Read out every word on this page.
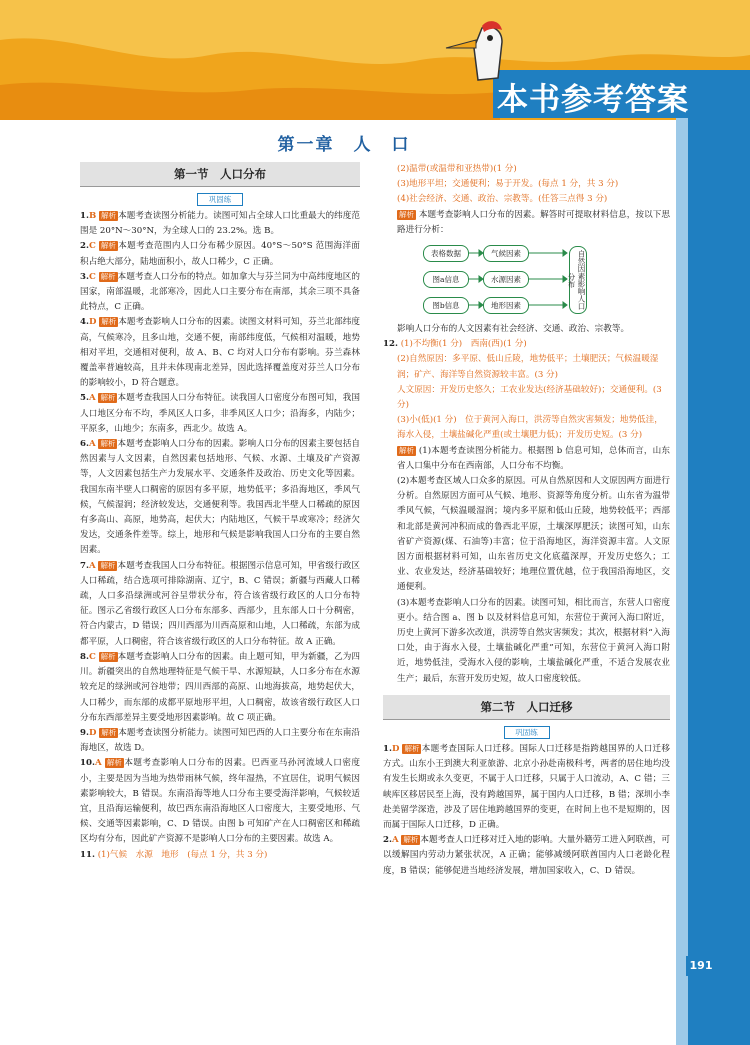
本书参考答案
第一章　人　口
第一节　人口分布
巩固练

1.B 解析 本题考查读图分析能力。读图可知占全球人口比重最大的纬度范围是 20°N～30°N，为全球人口的 23.2%。选 B。

2.C 解析 本题考查范围内人口分布稀少原因。40°S～50°S 范围海洋面积占绝大部分，陆地面积小，故人口稀少，C 正确。

3.C 解析 本题考查人口分布的特点。如加拿大与芬兰同为中高纬度地区的国家，南部温暖，北部寒冷，因此人口主要分布在南部，其余三项不具备此特点，C 正确。

4.D 解析 本题考查影响人口分布的因素。读图文材料可知，芬兰北部纬度高，气候寒冷，且多山地，交通不便，南部纬度低，气候相对温暖，地势相对平坦，交通相对便利，故 A、B、C 均对人口分布有影响。芬兰森林覆盖率普遍较高，且并未体现南北差异，因此选择覆盖度对芬兰人口分布的影响较小，D 符合题意。

5.A 解析 本题考查我国人口分布特征。读我国人口密度分布图可知，我国人口地区分布不均，季风区人口多，非季风区人口少；沿海多，内陆少；平原多，山地少；东南多，西北少。故选 A。

6.A 解析 本题考查影响人口分布的因素。影响人口分布的因素主要包括自然因素与人文因素，自然因素包括地形、气候、水源、土壤及矿产资源等，人文因素包括生产力发展水平、交通条件及政治、历史文化等因素。我国东南半壁人口稠密的原因有多平原，地势低平；多沿海地区，季风气候，气候湿润；经济较发达，交通便利等。我国西北半壁人口稀疏的原因有多高山、高原，地势高，起伏大；内陆地区，气候干旱或寒冷；经济欠发达，交通条件差等。综上，地形和气候是影响我国人口分布的主要自然因素。

7.A 解析 本题考查我国人口分布特征。根据图示信息可知，甲省级行政区人口稀疏，结合选项可排除湖南、辽宁，B、C 错误；新疆与西藏人口稀疏，人口多沿绿洲或河谷呈带状分布，符合该省级行政区的人口分布特征。图示乙省级行政区人口分布东部多、西部少，且东部人口十分稠密，符合内蒙古，D 错误；四川西部为川西高原和山地，人口稀疏，东部为成都平原，人口稠密，符合该省级行政区的人口分布特征。故 A 正确。

8.C 解析 本题考查影响人口分布的因素。由上题可知，甲为新疆，乙为四川。新疆突出的自然地理特征是气候干旱、水源短缺，人口多分布在水源较充足的绿洲或河谷地带；四川西部的高原、山地海拔高，地势起伏大，人口稀少，而东部的成都平原地形平坦，人口稠密，故该省级行政区人口分布东西部差异主要受地形因素影响。故 C 项正确。

9.D 解析 本题考查读图分析能力。读图可知巴西的人口主要分布在东南沿海地区，故选 D。

10.A 解析 本题考查影响人口分布的因素。巴西亚马孙河流域人口密度小，主要是因为当地为热带雨林气候，终年湿热，不宜居住，说明气候因素影响较大，B 错误。东南沿海等地人口分布主要受海洋影响，气候较适宜，且沿海运输便利，故巴西东南沿海地区人口密度大，主要受地形、气候、交通等因素影响，C、D 错误。由图 b 可知矿产在人口稠密区和稀疏区均有分布，因此矿产资源不是影响人口分布的主要因素。故选 A。

11. (1)气候　水源　地形　(每点 1 分，共 3 分)

(2)温带(或温带和亚热带)(1 分)
(3)地形平坦；交通便利；易于开发。(每点 1 分，共 3 分)
(4)社会经济、交通、政治、宗教等。(任答三点得 3 分)

解析 本题考查影响人口分布的因素。解答时可提取材料信息，按以下思路进行分析：

表格数据
图a信息
图b信息
气候因素
水源因素
地形因素	自然因素影响人口分布

影响人口分布的人文因素有社会经济、交通、政治、宗教等。

12. (1)不均衡(1 分)　西南(西)(1 分)

(2)自然原因：多平原、低山丘陵，地势低平；土壤肥沃；气候温暖湿润；矿产、海洋等自然资源较丰富。(3 分)
人文原因：开发历史悠久；工农业发达(经济基础较好)；交通便利。(3 分)
(3)小(低)(1 分)　位于黄河入海口，洪涝等自然灾害频发；地势低洼，海水入侵，土壤盐碱化严重(或土壤肥力低)；开发历史短。(3 分)

解析 (1)本题考查读图分析能力。根据图 b 信息可知，总体而言，山东省人口集中分布在西南部，人口分布不均衡。

(2)本题考查区域人口众多的原因。可从自然原因和人文原因两方面进行分析。自然原因方面可从气候、地形、资源等角度分析。山东省为温带季风气候，气候温暖湿润；境内多平原和低山丘陵，地势较低平；西部和北部是黄河冲积而成的鲁西北平原，土壤深厚肥沃；读图可知，山东省矿产资源(煤、石油等)丰富；位于沿海地区，海洋资源丰富。人文原因方面根据材料可知，山东省历史文化底蕴深厚，开发历史悠久；工业、农业发达，经济基础较好；地理位置优越，位于我国沿海地区，交通便利。

(3)本题考查影响人口分布的因素。读图可知，相比而言，东营人口密度更小。结合图 a、图 b 以及材料信息可知，东营位于黄河入海口附近，历史上黄河下游多次改道，洪涝等自然灾害频发；其次，根据材料“入海口处，由于海水入侵，土壤盐碱化严重”可知，东营位于黄河入海口附近，地势低洼，受海水入侵的影响，土壤盐碱化严重，不适合发展农业生产；最后，东营开发历史短，故人口密度较低。

第二节　人口迁移
巩固练

1.D 解析 本题考查国际人口迁移。国际人口迁移是指跨越国界的人口迁移方式。山东小王到澳大利亚旅游、北京小孙赴南极科考，两者的居住地均没有发生长期或永久变更，不属于人口迁移，只属于人口流动，A、C 错；三峡库区移居民至上海，没有跨越国界，属于国内人口迁移，B 错；深圳小李赴美留学深造，涉及了居住地跨越国界的变更，在时间上也不是短期的，因而属于国际人口迁移，D 正确。

2.A 解析 本题考查人口迁移对迁入地的影响。大量外籍劳工进入阿联酋，可以缓解国内劳动力紧张状况，A 正确；能够减缓阿联酋国内人口老龄化程度，B 错误；能够促进当地经济发展，增加国家收入，C、D 错误。

191
